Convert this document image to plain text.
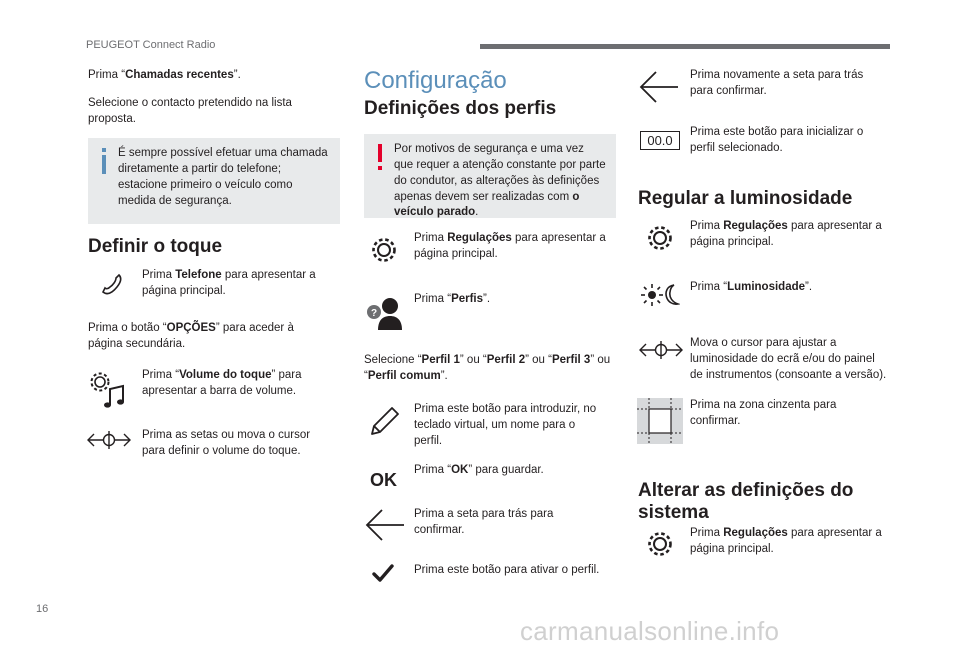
PEUGEOT Connect Radio

Prima “Chamadas recentes”.

Selecione o contacto pretendido na lista proposta.

É sempre possível efetuar uma chamada diretamente a partir do telefone; estacione primeiro o veículo como medida de segurança.

Definir o toque

Prima Telefone para apresentar a página principal.

Prima o botão “OPÇÕES” para aceder à página secundária.

Prima “Volume do toque” para apresentar a barra de volume.

Prima as setas ou mova o cursor para definir o volume do toque.

Configuração
Definições dos perfis

Por motivos de segurança e uma vez que requer a atenção constante por parte do condutor, as alterações às definições apenas devem ser realizadas com o veículo parado.

Prima Regulações para apresentar a página principal.

?

Prima “Perfis”.

Selecione “Perfil 1” ou “Perfil 2” ou “Perfil 3” ou “Perfil comum”.

Prima este botão para introduzir, no teclado virtual, um nome para o perfil.

OK Prima “OK” para guardar.

Prima a seta para trás para confirmar.

Prima este botão para ativar o perfil.

Prima novamente a seta para trás para confirmar.

00.0

Prima este botão para inicializar o perfil selecionado.

Regular a luminosidade

Prima Regulações para apresentar a página principal.

Prima “Luminosidade”.

Mova o cursor para ajustar a luminosidade do ecrã e/ou do painel de instrumentos (consoante a versão).

Prima na zona cinzenta para confirmar.

Alterar as definições do sistema

Prima Regulações para apresentar a página principal.

16
carmanualsonline.info
